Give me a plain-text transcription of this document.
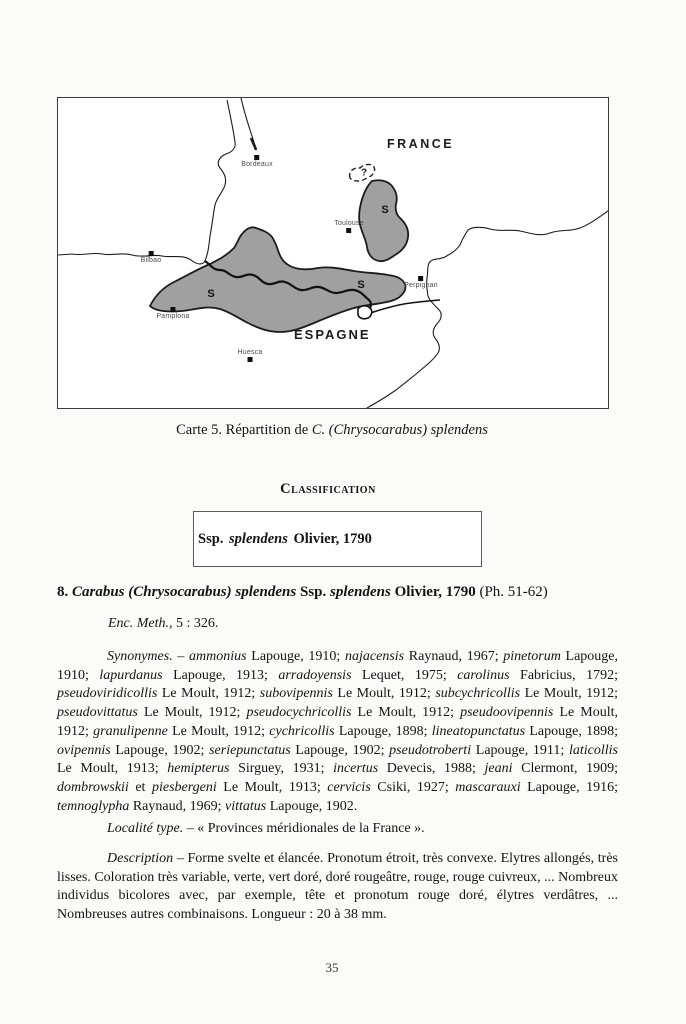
FRANCE
ESPAGNE
S
S
S
?
Bordeaux
Toulouse
Bilbao
Perpignan
Pamplona
Huesca
Carte 5. Répartition de C. (Chrysocarabus) splendens
Classification
Ssp. splendens Olivier, 1790
8. Carabus (Chrysocarabus) splendens Ssp. splendens Olivier, 1790 (Ph. 51-62)
Enc. Meth., 5 : 326.

Synonymes. – ammonius Lapouge, 1910; najacensis Raynaud, 1967; pinetorum Lapouge, 1910; lapurdanus Lapouge, 1913; arradoyensis Lequet, 1975; carolinus Fabricius, 1792; pseudoviridicollis Le Moult, 1912; subovipennis Le Moult, 1912; subcychricollis Le Moult, 1912; pseudovittatus Le Moult, 1912; pseudocychricollis Le Moult, 1912; pseudoovipennis Le Moult, 1912; granulipenne Le Moult, 1912; cychricollis Lapouge, 1898; lineatopunctatus Lapouge, 1898; ovipennis Lapouge, 1902; seriepunctatus Lapouge, 1902; pseudotroberti Lapouge, 1911; laticollis Le Moult, 1913; hemipterus Sirguey, 1931; incertus Devecis, 1988; jeani Clermont, 1909; dombrowskii et piesbergeni Le Moult, 1913; cervicis Csiki, 1927; mascarauxi Lapouge, 1916; temnoglypha Raynaud, 1969; vittatus Lapouge, 1902.

Localité type. – « Provinces méridionales de la France ».

Description – Forme svelte et élancée. Pronotum étroit, très convexe. Elytres allongés, très lisses. Coloration très variable, verte, vert doré, doré rougeâtre, rouge, rouge cuivreux, ... Nombreux individus bicolores avec, par exemple, tête et pronotum rouge doré, élytres verdâtres, ... Nombreuses autres combinaisons. Longueur : 20 à 38 mm.

35
